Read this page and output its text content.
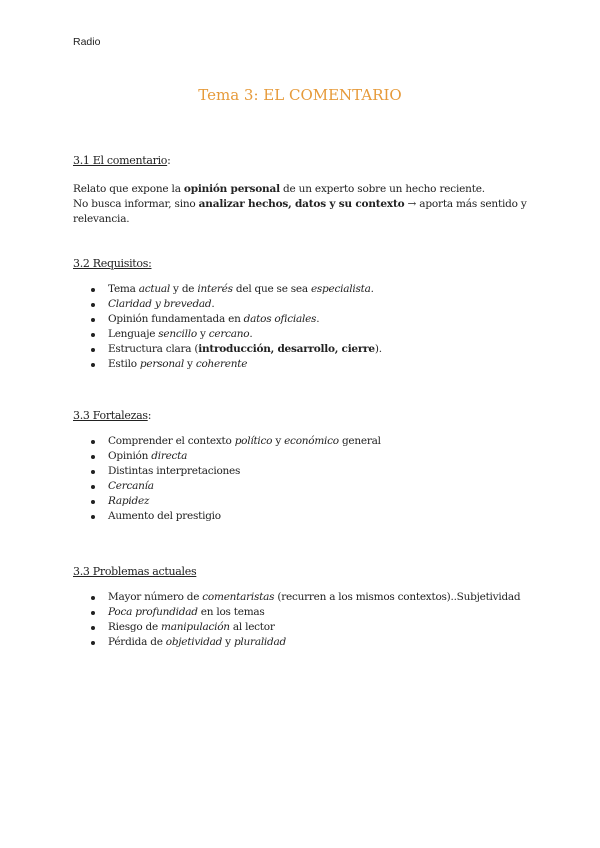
Radio
Tema 3: EL COMENTARIO
3.1 El comentario:
Relato que expone la opinión personal de un experto sobre un hecho reciente.
No busca informar, sino analizar hechos, datos y su contexto → aporta más sentido y relevancia.
3.2 Requisitos:
Tema actual y de interés del que se sea especialista.
Claridad y brevedad.
Opinión fundamentada en datos oficiales.
Lenguaje sencillo y cercano.
Estructura clara (introducción, desarrollo, cierre).
Estilo personal y coherente
3.3 Fortalezas:
Comprender el contexto político y económico general
Opinión directa
Distintas interpretaciones
Cercanía
Rapidez
Aumento del prestigio
3.3 Problemas actuales
Mayor número de comentaristas (recurren a los mismos contextos)..Subjetividad
Poca profundidad en los temas
Riesgo de manipulación al lector
Pérdida de objetividad y pluralidad
